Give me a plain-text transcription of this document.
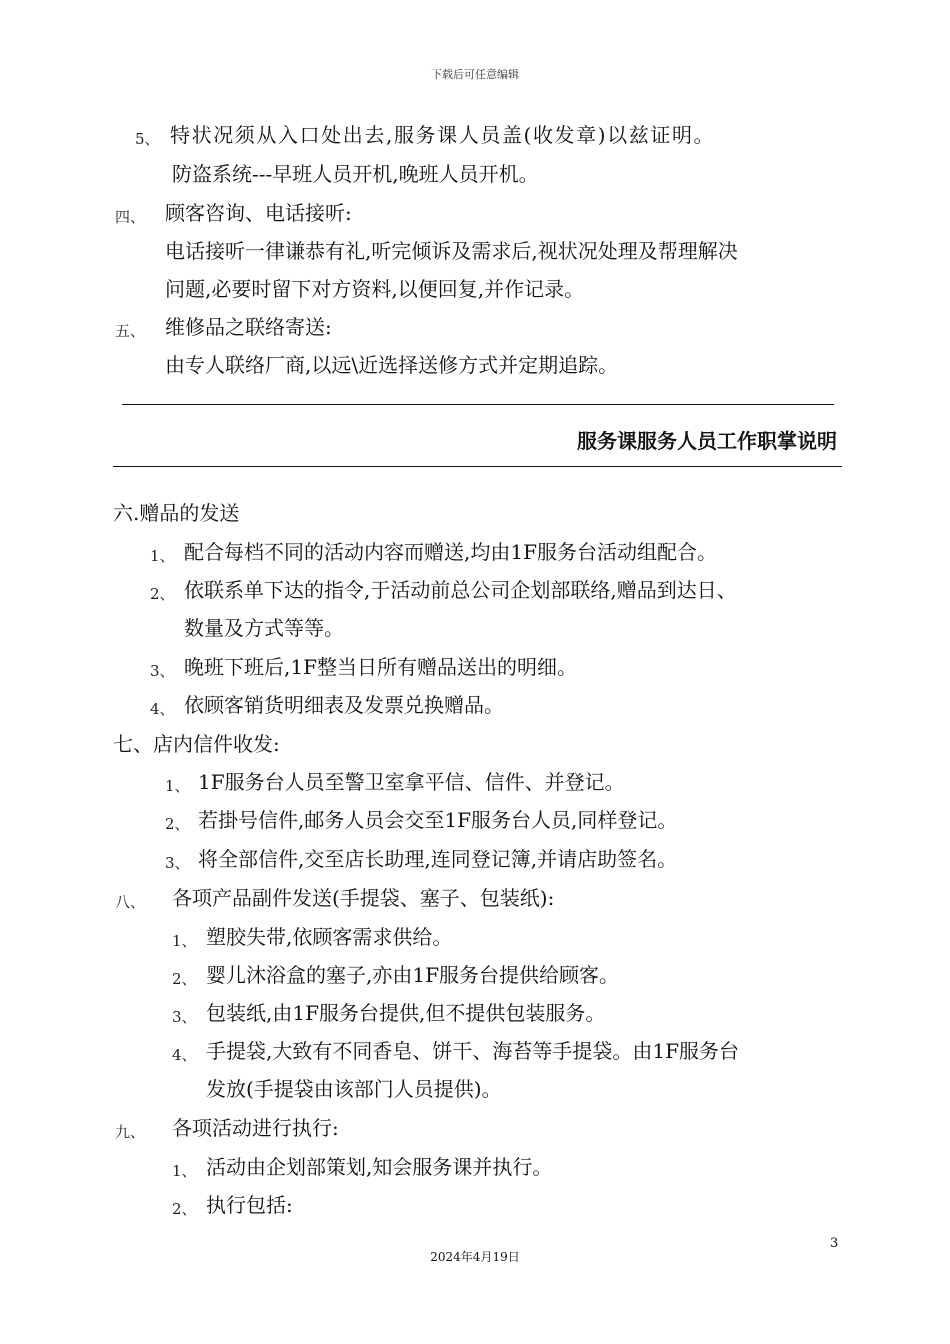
下载后可任意编辑
5、 特状况须从入口处出去,服务课人员盖(收发章)以兹证明。
防盗系统---早班人员开机,晚班人员开机。
四、 顾客咨询、电话接听:
电话接听一律谦恭有礼,听完倾诉及需求后,视状况处理及帮理解决
问题,必要时留下对方资料,以便回复,并作记录。
五、 维修品之联络寄送:
由专人联络厂商,以远\近选择送修方式并定期追踪。
服务课服务人员工作职掌说明
六.赠品的发送
1、 配合每档不同的活动内容而赠送,均由1F服务台活动组配合。
2、 依联系单下达的指令,于活动前总公司企划部联络,赠品到达日、
数量及方式等等。
3、 晚班下班后,1F整当日所有赠品送出的明细。
4、 依顾客销货明细表及发票兑换赠品。
七、店内信件收发:
1、 1F服务台人员至警卫室拿平信、信件、并登记。
2、 若掛号信件,邮务人员会交至1F服务台人员,同样登记。
3、 将全部信件,交至店长助理,连同登记簿,并请店助签名。
八、 各项产品副件发送(手提袋、塞子、包装纸):
1、 塑胶失带,依顾客需求供给。
2、 婴儿沐浴盒的塞子,亦由1F服务台提供给顾客。
3、 包装纸,由1F服务台提供,但不提供包装服务。
4、 手提袋,大致有不同香皂、饼干、海苔等手提袋。由1F服务台
发放(手提袋由该部门人员提供)。
九、 各项活动进行执行:
1、 活动由企划部策划,知会服务课并执行。
2、 执行包括:
3
2024年4月19日
